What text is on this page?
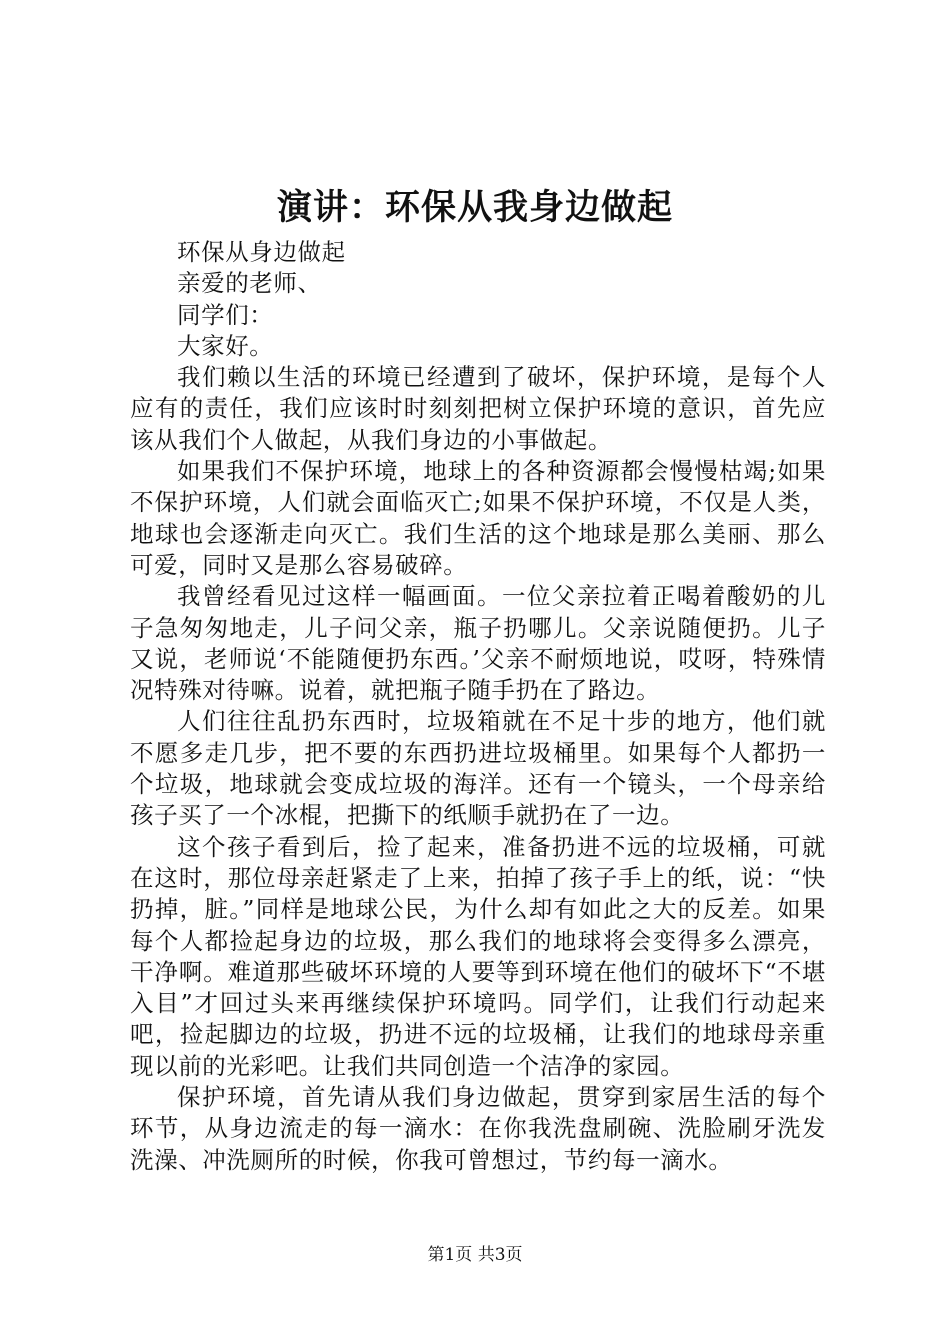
演讲：环保从我身边做起

环保从身边做起

亲爱的老师、

同学们：

大家好。

我们赖以生活的环境已经遭到了破坏，保护环境，是每个人应有的责任，我们应该时时刻刻把树立保护环境的意识，首先应该从我们个人做起，从我们身边的小事做起。

如果我们不保护环境，地球上的各种资源都会慢慢枯竭;如果不保护环境，人们就会面临灭亡;如果不保护环境，不仅是人类，地球也会逐渐走向灭亡。我们生活的这个地球是那么美丽、那么可爱，同时又是那么容易破碎。

我曾经看见过这样一幅画面。一位父亲拉着正喝着酸奶的儿子急匆匆地走，儿子问父亲，瓶子扔哪儿。父亲说随便扔。儿子又说，老师说‘不能随便扔东西。’父亲不耐烦地说，哎呀，特殊情况特殊对待嘛。说着，就把瓶子随手扔在了路边。

人们往往乱扔东西时，垃圾箱就在不足十步的地方，他们就不愿多走几步，把不要的东西扔进垃圾桶里。如果每个人都扔一个垃圾，地球就会变成垃圾的海洋。还有一个镜头，一个母亲给孩子买了一个冰棍，把撕下的纸顺手就扔在了一边。

这个孩子看到后，捡了起来，准备扔进不远的垃圾桶，可就在这时，那位母亲赶紧走了上来，拍掉了孩子手上的纸，说：“快扔掉，脏。”同样是地球公民，为什么却有如此之大的反差。如果每个人都捡起身边的垃圾，那么我们的地球将会变得多么漂亮，干净啊。难道那些破坏环境的人要等到环境在他们的破坏下“不堪入目”才回过头来再继续保护环境吗。同学们，让我们行动起来吧，捡起脚边的垃圾，扔进不远的垃圾桶，让我们的地球母亲重现以前的光彩吧。让我们共同创造一个洁净的家园。

保护环境，首先请从我们身边做起，贯穿到家居生活的每个环节，从身边流走的每一滴水：在你我洗盘刷碗、洗脸刷牙洗发洗澡、冲洗厕所的时候，你我可曾想过，节约每一滴水。

第1页 共3页
